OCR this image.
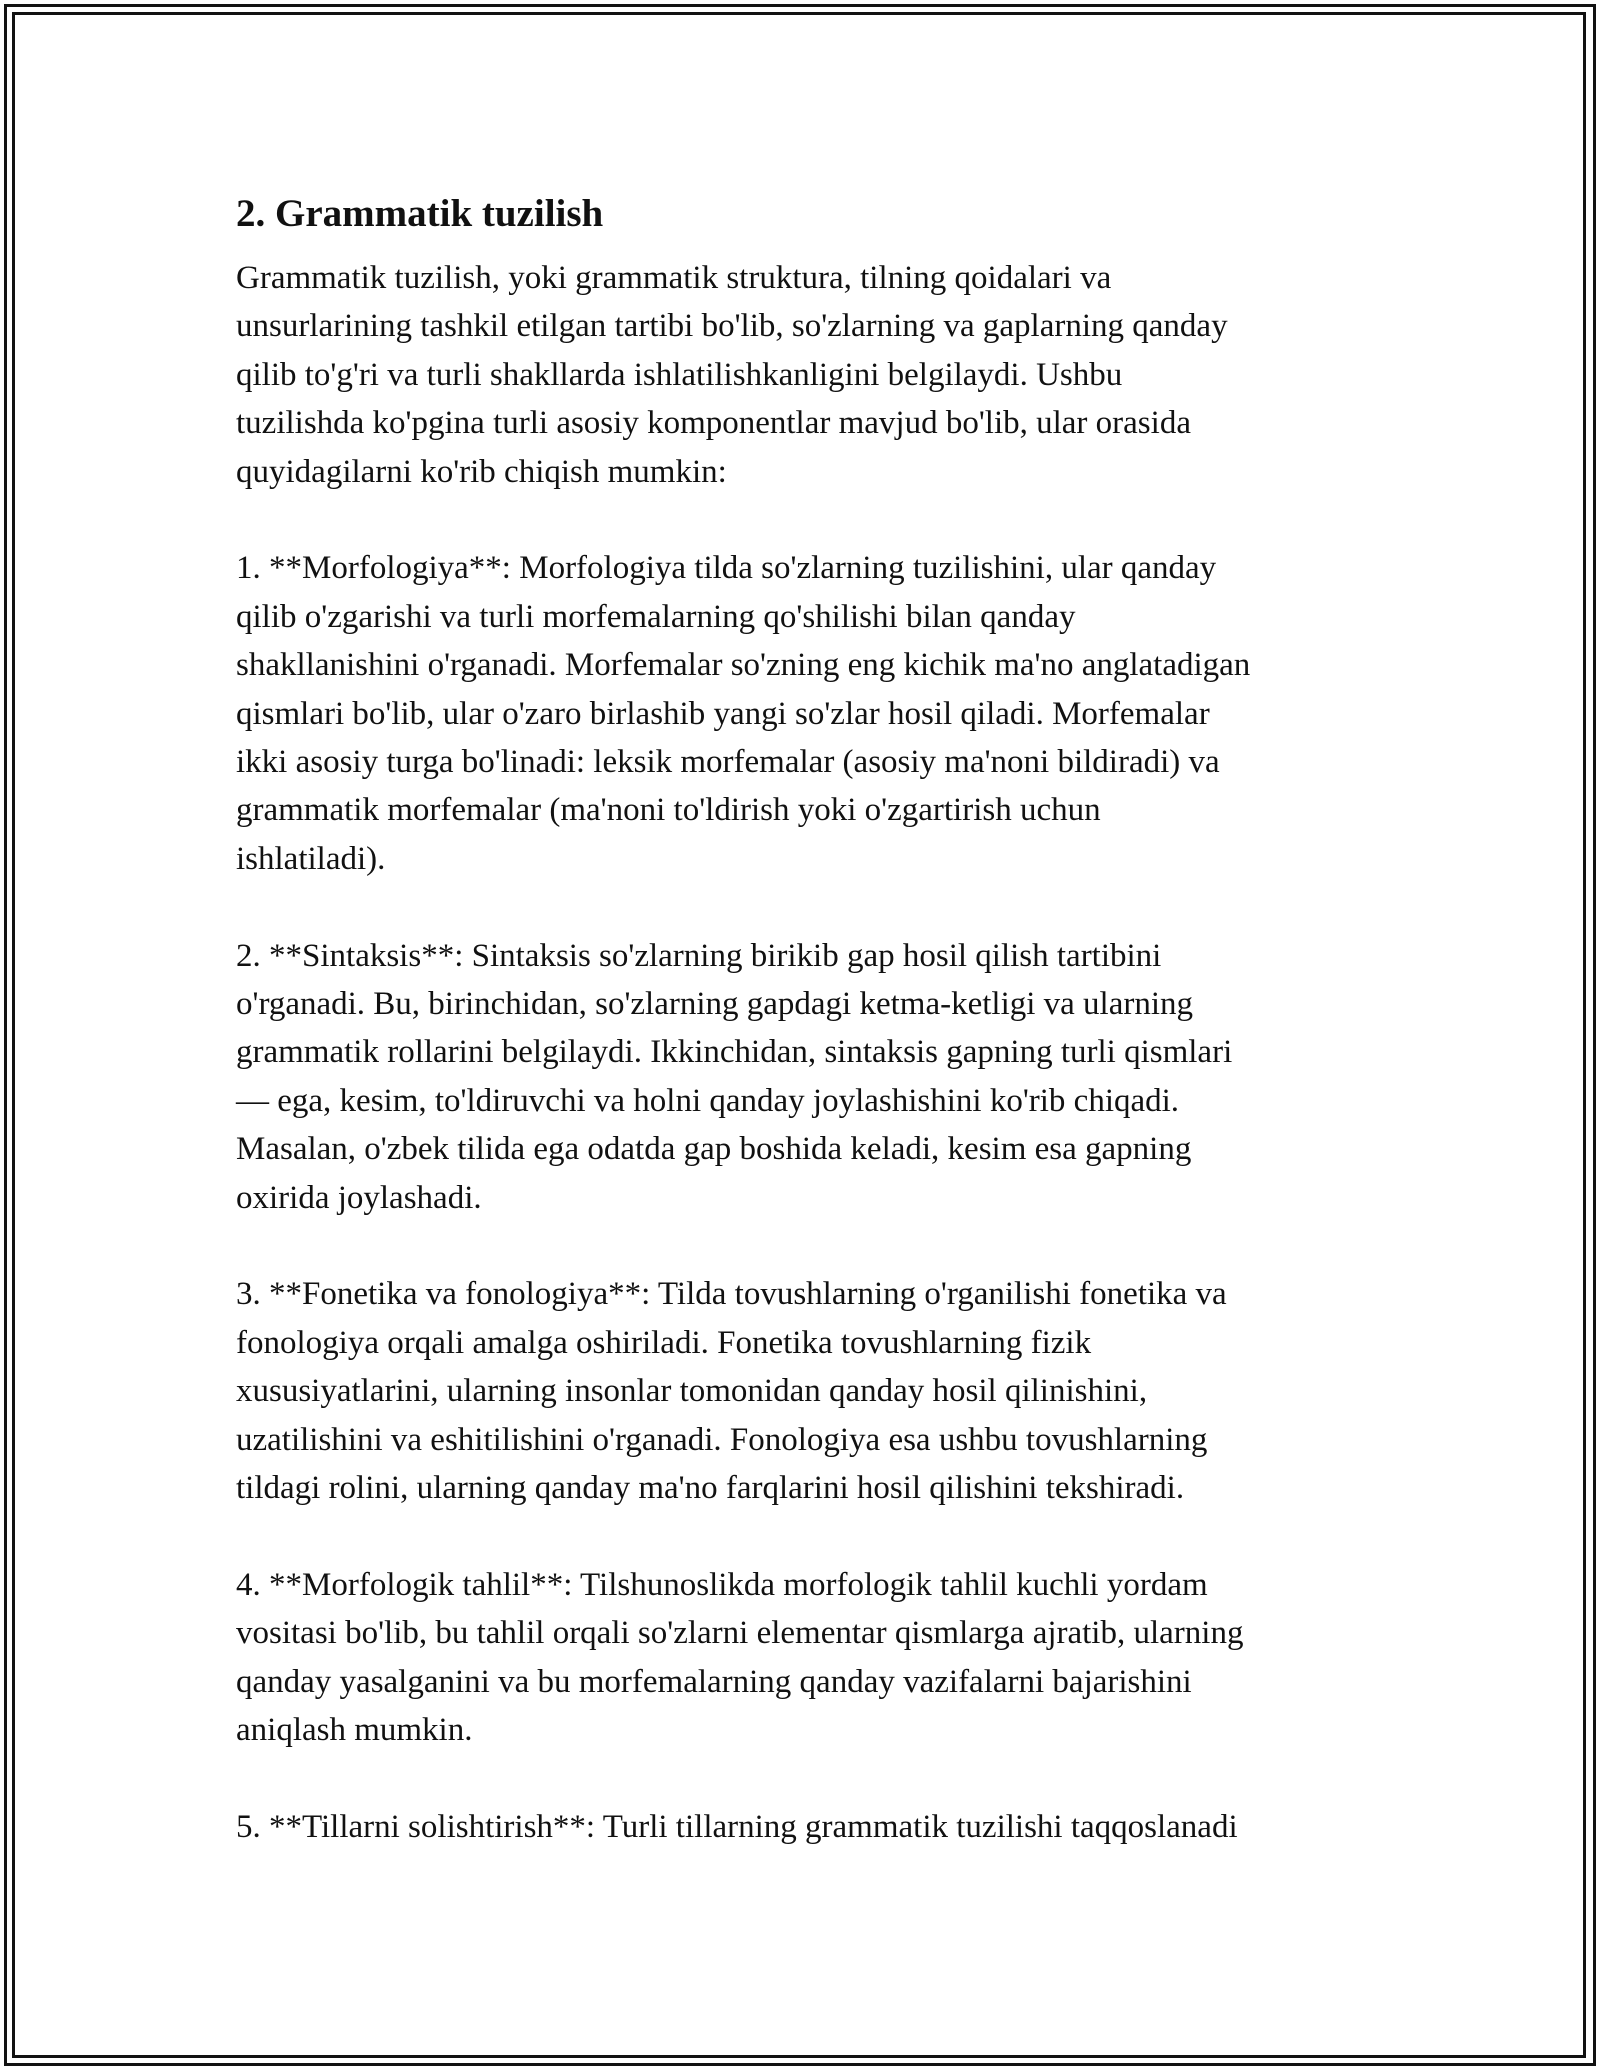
2. Grammatik tuzilish

Grammatik tuzilish, yoki grammatik struktura, tilning qoidalari va
unsurlarining tashkil etilgan tartibi bo'lib, so'zlarning va gaplarning qanday
qilib to'g'ri va turli shakllarda ishlatilishkanligini belgilaydi. Ushbu
tuzilishda ko'pgina turli asosiy komponentlar mavjud bo'lib, ular orasida
quyidagilarni ko'rib chiqish mumkin:

1. **Morfologiya**: Morfologiya tilda so'zlarning tuzilishini, ular qanday
qilib o'zgarishi va turli morfemalarning qo'shilishi bilan qanday
shakllanishini o'rganadi. Morfemalar so'zning eng kichik ma'no anglatadigan
qismlari bo'lib, ular o'zaro birlashib yangi so'zlar hosil qiladi. Morfemalar
ikki asosiy turga bo'linadi: leksik morfemalar (asosiy ma'noni bildiradi) va
grammatik morfemalar (ma'noni to'ldirish yoki o'zgartirish uchun
ishlatiladi).

2. **Sintaksis**: Sintaksis so'zlarning birikib gap hosil qilish tartibini
o'rganadi. Bu, birinchidan, so'zlarning gapdagi ketma-ketligi va ularning
grammatik rollarini belgilaydi. Ikkinchidan, sintaksis gapning turli qismlari
— ega, kesim, to'ldiruvchi va holni qanday joylashishini ko'rib chiqadi.
Masalan, o'zbek tilida ega odatda gap boshida keladi, kesim esa gapning
oxirida joylashadi.

3. **Fonetika va fonologiya**: Tilda tovushlarning o'rganilishi fonetika va
fonologiya orqali amalga oshiriladi. Fonetika tovushlarning fizik
xususiyatlarini, ularning insonlar tomonidan qanday hosil qilinishini,
uzatilishini va eshitilishini o'rganadi. Fonologiya esa ushbu tovushlarning
tildagi rolini, ularning qanday ma'no farqlarini hosil qilishini tekshiradi.

4. **Morfologik tahlil**: Tilshunoslikda morfologik tahlil kuchli yordam
vositasi bo'lib, bu tahlil orqali so'zlarni elementar qismlarga ajratib, ularning
qanday yasalganini va bu morfemalarning qanday vazifalarni bajarishini
aniqlash mumkin.

5. **Tillarni solishtirish**: Turli tillarning grammatik tuzilishi taqqoslanadi
